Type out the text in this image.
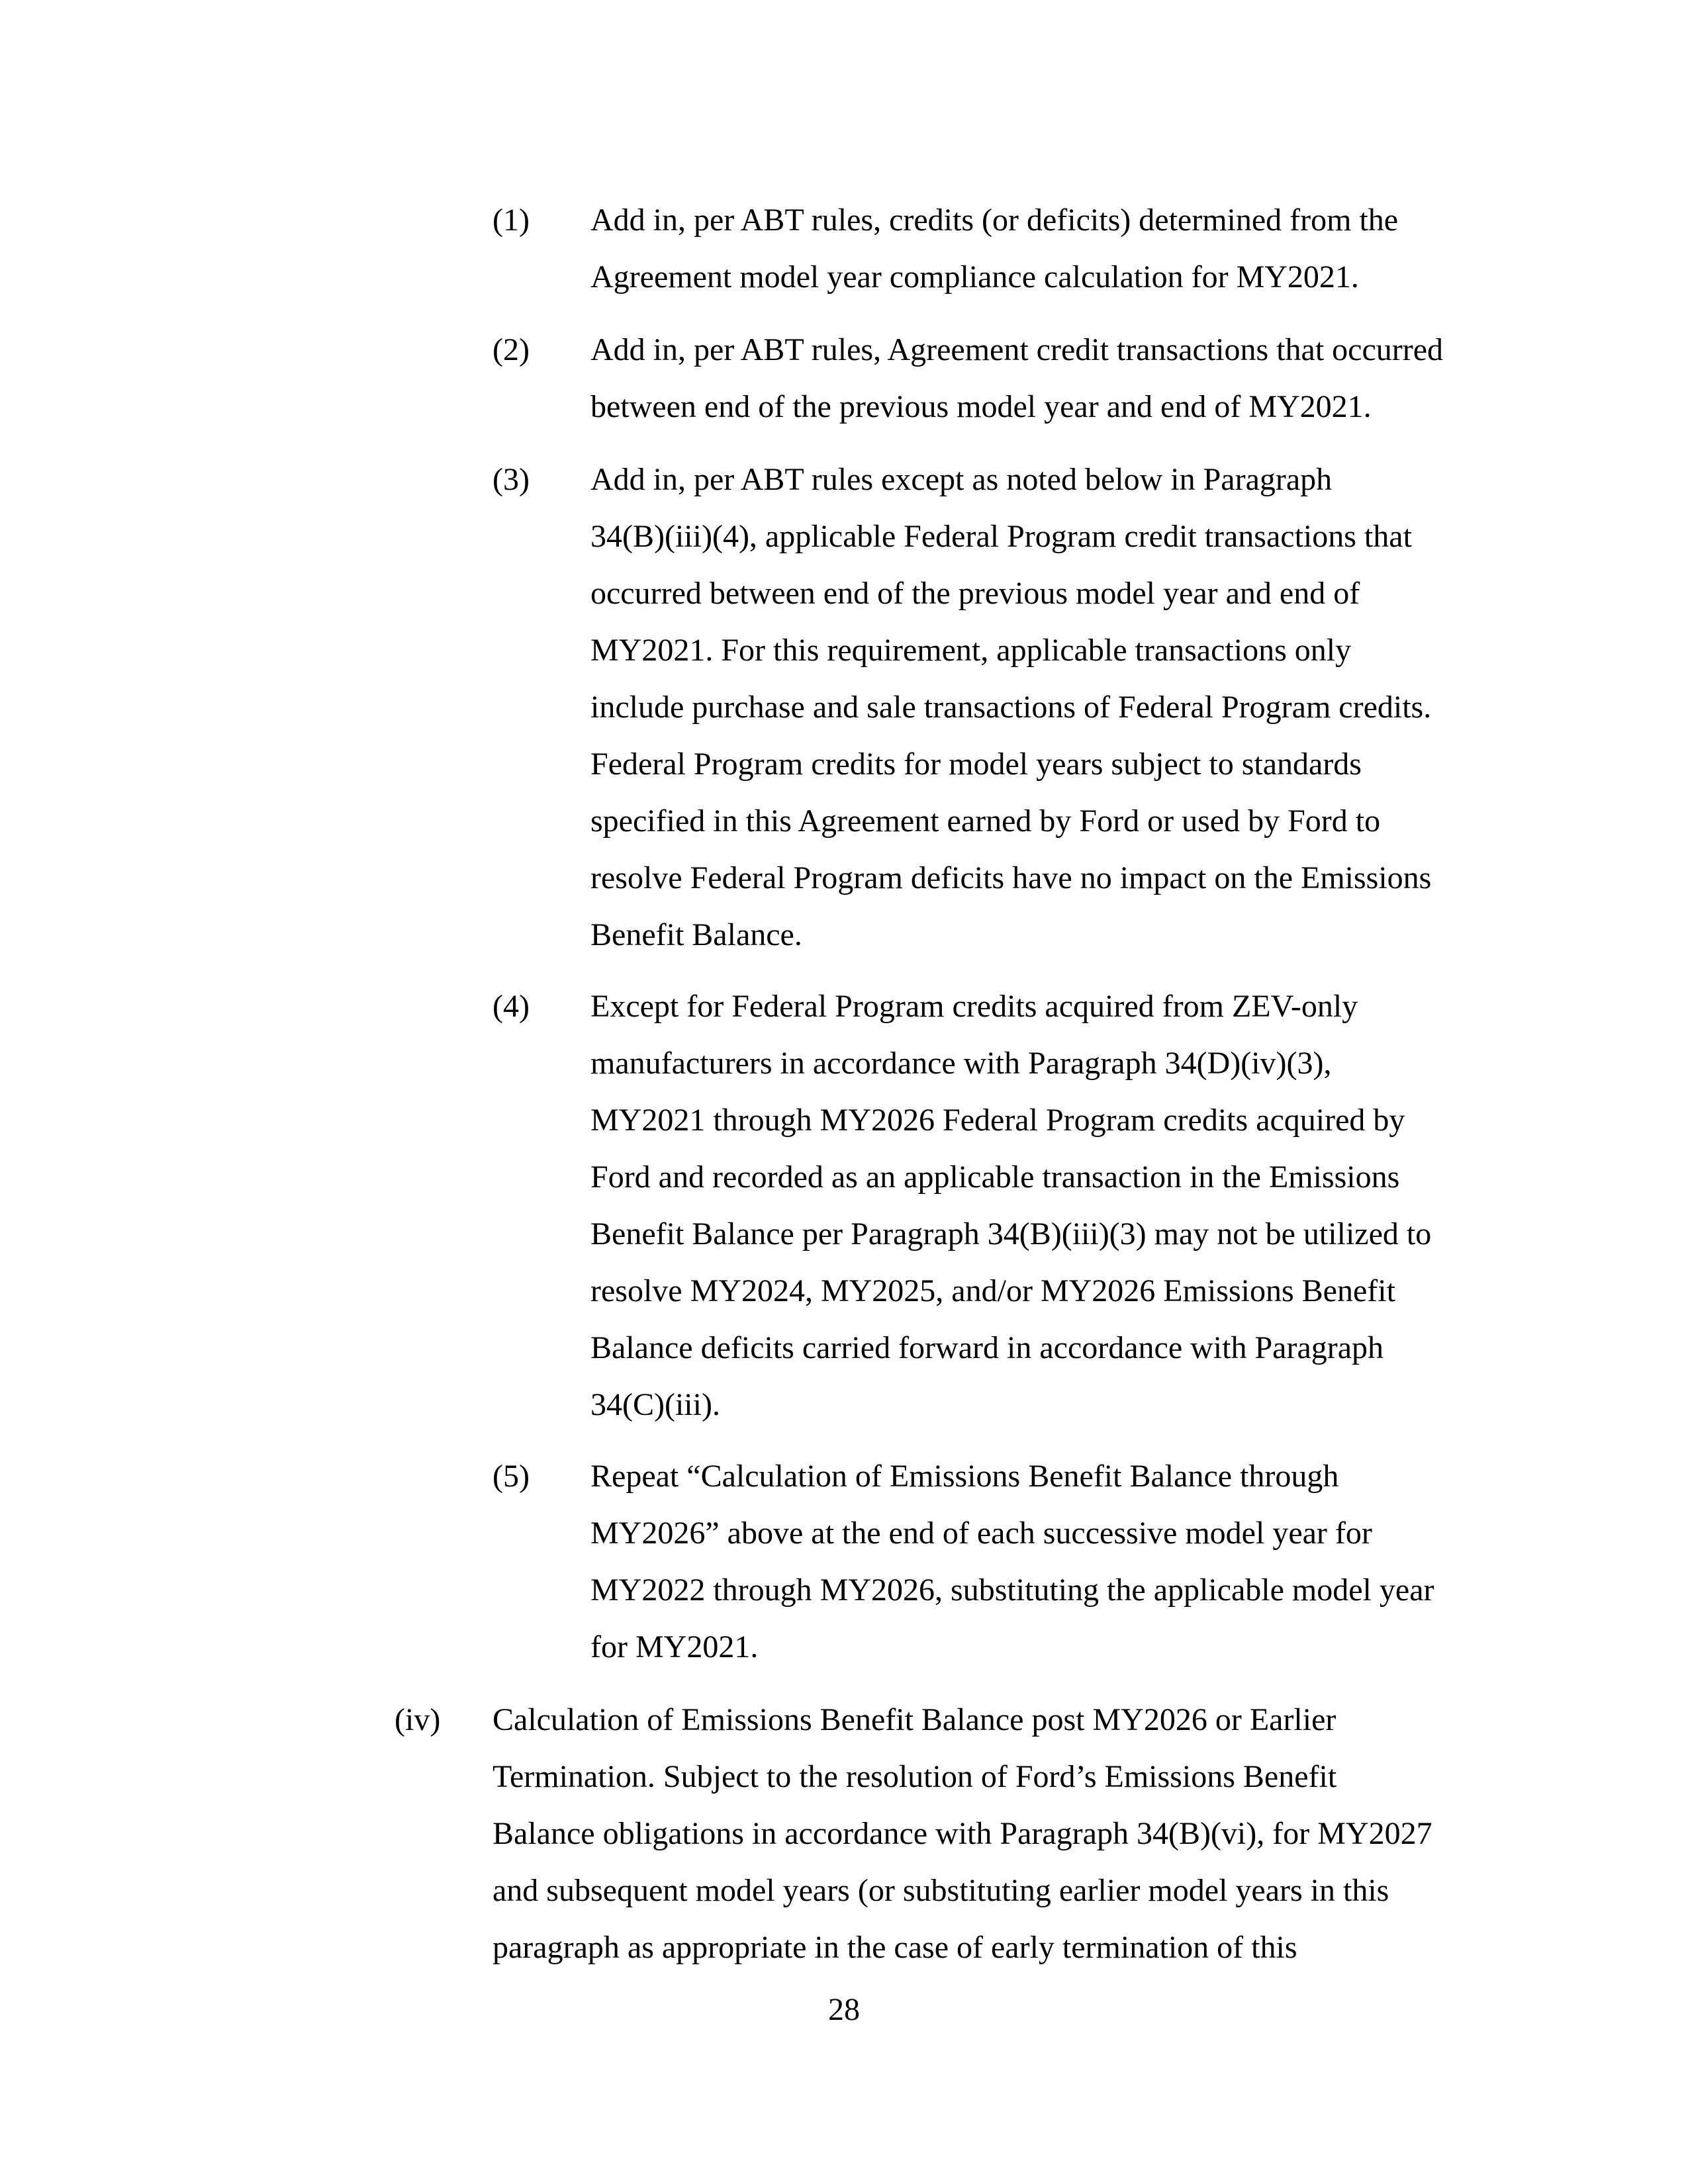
(1) Add in, per ABT rules, credits (or deficits) determined from the
Agreement model year compliance calculation for MY2021.
(2) Add in, per ABT rules, Agreement credit transactions that occurred
between end of the previous model year and end of MY2021.
(3) Add in, per ABT rules except as noted below in Paragraph
34(B)(iii)(4), applicable Federal Program credit transactions that
occurred between end of the previous model year and end of
MY2021. For this requirement, applicable transactions only
include purchase and sale transactions of Federal Program credits.
Federal Program credits for model years subject to standards
specified in this Agreement earned by Ford or used by Ford to
resolve Federal Program deficits have no impact on the Emissions
Benefit Balance.
(4) Except for Federal Program credits acquired from ZEV-only
manufacturers in accordance with Paragraph 34(D)(iv)(3),
MY2021 through MY2026 Federal Program credits acquired by
Ford and recorded as an applicable transaction in the Emissions
Benefit Balance per Paragraph 34(B)(iii)(3) may not be utilized to
resolve MY2024, MY2025, and/or MY2026 Emissions Benefit
Balance deficits carried forward in accordance with Paragraph
34(C)(iii).
(5) Repeat “Calculation of Emissions Benefit Balance through
MY2026” above at the end of each successive model year for
MY2022 through MY2026, substituting the applicable model year
for MY2021.
(iv) Calculation of Emissions Benefit Balance post MY2026 or Earlier
Termination. Subject to the resolution of Ford’s Emissions Benefit
Balance obligations in accordance with Paragraph 34(B)(vi), for MY2027
and subsequent model years (or substituting earlier model years in this
paragraph as appropriate in the case of early termination of this
28
